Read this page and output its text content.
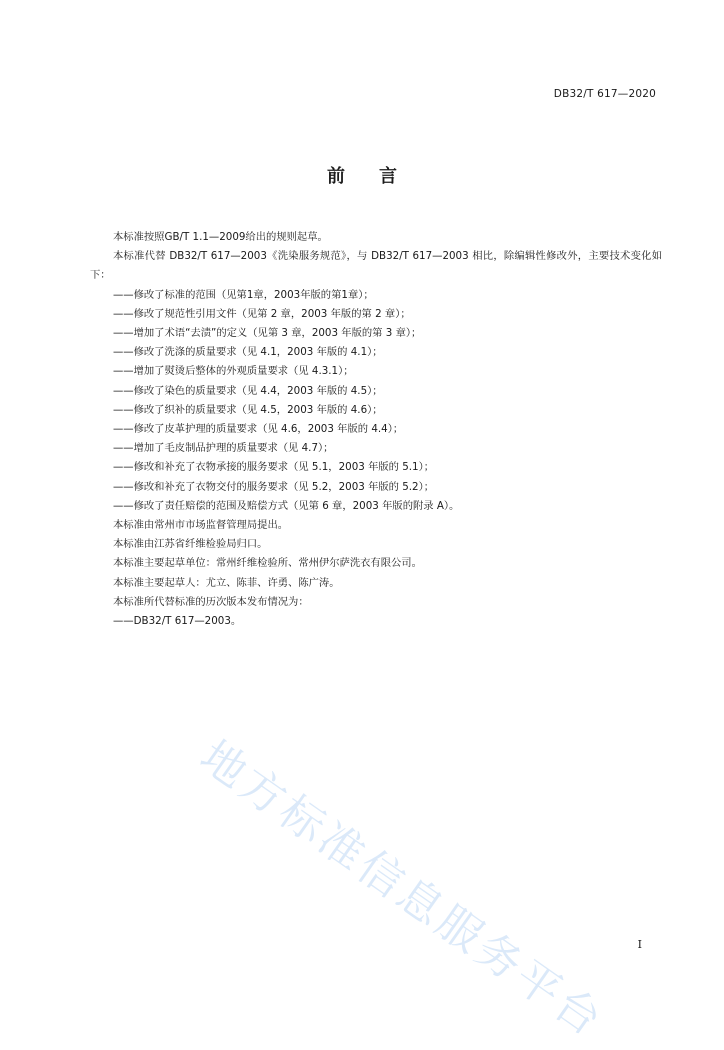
DB32/T 617—2020
前言

本标准按照GB/T 1.1—2009给出的规则起草。

本标准代替 DB32/T 617—2003《洗染服务规范》，与 DB32/T 617—2003 相比，除编辑性修改外，主要技术变化如下：

——修改了标准的范围（见第1章，2003年版的第1章）；

——修改了规范性引用文件（见第 2 章，2003 年版的第 2 章）；

——增加了术语“去渍”的定义（见第 3 章，2003 年版的第 3 章）；

——修改了洗涤的质量要求（见 4.1，2003 年版的 4.1）；

——增加了熨烫后整体的外观质量要求（见 4.3.1）；

——修改了染色的质量要求（见 4.4，2003 年版的 4.5）；

——修改了织补的质量要求（见 4.5，2003 年版的 4.6）；

——修改了皮革护理的质量要求（见 4.6，2003 年版的 4.4）；

——增加了毛皮制品护理的质量要求（见 4.7）；

——修改和补充了衣物承接的服务要求（见 5.1，2003 年版的 5.1）；

——修改和补充了衣物交付的服务要求（见 5.2，2003 年版的 5.2）；

——修改了责任赔偿的范围及赔偿方式（见第 6 章，2003 年版的附录 A）。

本标准由常州市市场监督管理局提出。

本标准由江苏省纤维检验局归口。

本标准主要起草单位：常州纤维检验所、常州伊尔萨洗衣有限公司。

本标准主要起草人：尤立、陈菲、许勇、陈广涛。

本标准所代替标准的历次版本发布情况为：

——DB32/T 617—2003。

地方标准信息服务平台	I
